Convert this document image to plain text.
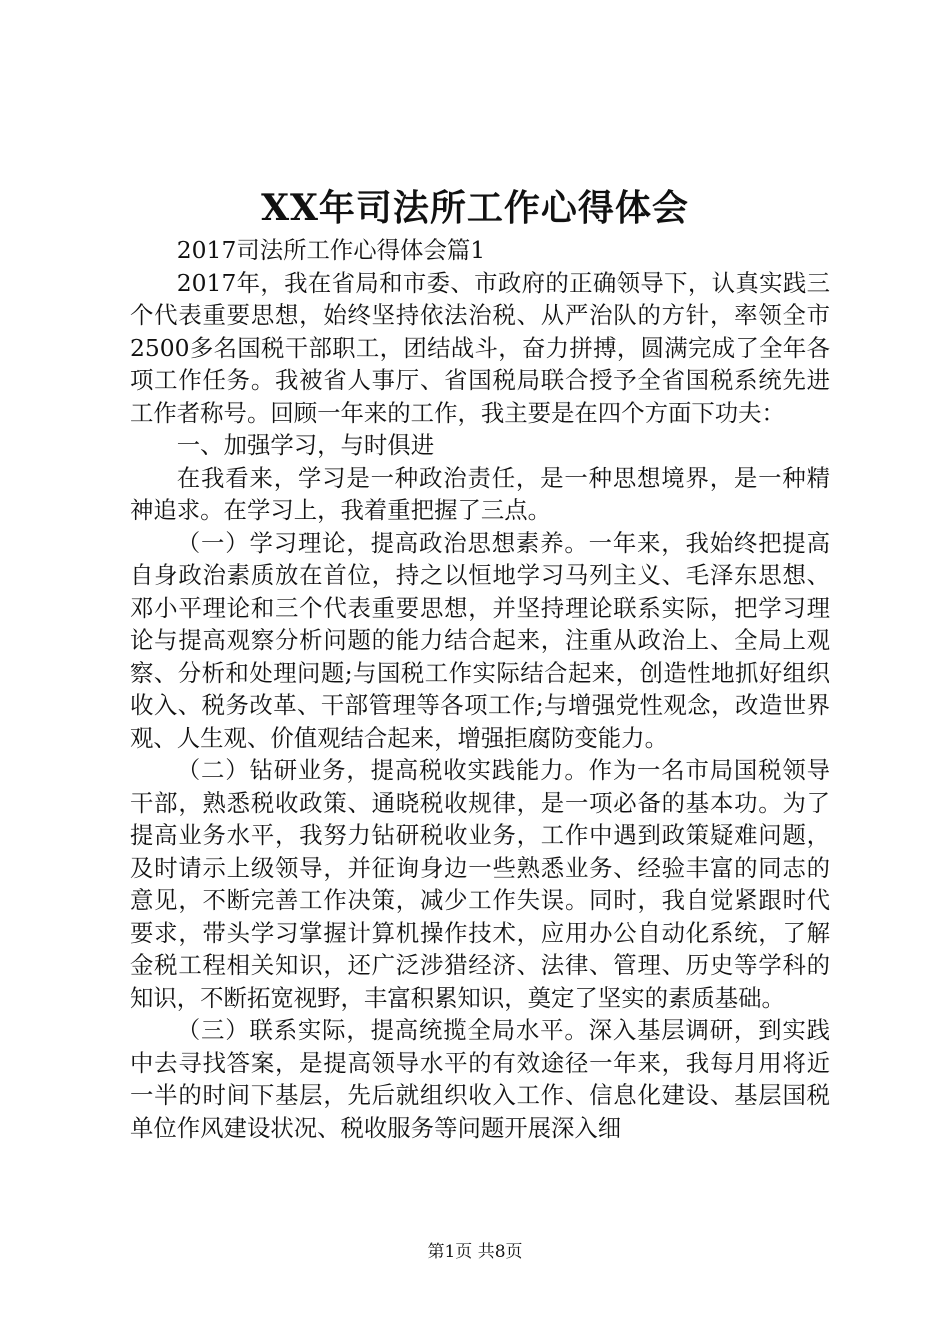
XX年司法所工作心得体会

2017司法所工作心得体会篇1

2017年，我在省局和市委、市政府的正确领导下，认真实践三个代表重要思想，始终坚持依法治税、从严治队的方针，率领全市2500多名国税干部职工，团结战斗，奋力拼搏，圆满完成了全年各项工作任务。我被省人事厅、省国税局联合授予全省国税系统先进工作者称号。回顾一年来的工作，我主要是在四个方面下功夫：

一、加强学习，与时俱进

在我看来，学习是一种政治责任，是一种思想境界，是一种精神追求。在学习上，我着重把握了三点。

（一）学习理论，提高政治思想素养。一年来，我始终把提高自身政治素质放在首位，持之以恒地学习马列主义、毛泽东思想、邓小平理论和三个代表重要思想，并坚持理论联系实际，把学习理论与提高观察分析问题的能力结合起来，注重从政治上、全局上观察、分析和处理问题;与国税工作实际结合起来，创造性地抓好组织收入、税务改革、干部管理等各项工作;与增强党性观念，改造世界观、人生观、价值观结合起来，增强拒腐防变能力。

（二）钻研业务，提高税收实践能力。作为一名市局国税领导干部，熟悉税收政策、通晓税收规律，是一项必备的基本功。为了提高业务水平，我努力钻研税收业务，工作中遇到政策疑难问题，及时请示上级领导，并征询身边一些熟悉业务、经验丰富的同志的意见，不断完善工作决策，减少工作失误。同时，我自觉紧跟时代要求，带头学习掌握计算机操作技术，应用办公自动化系统，了解金税工程相关知识，还广泛涉猎经济、法律、管理、历史等学科的知识，不断拓宽视野，丰富积累知识，奠定了坚实的素质基础。

（三）联系实际，提高统揽全局水平。深入基层调研，到实践中去寻找答案，是提高领导水平的有效途径一年来，我每月用将近一半的时间下基层，先后就组织收入工作、信息化建设、基层国税单位作风建设状况、税收服务等问题开展深入细

第1页 共8页
